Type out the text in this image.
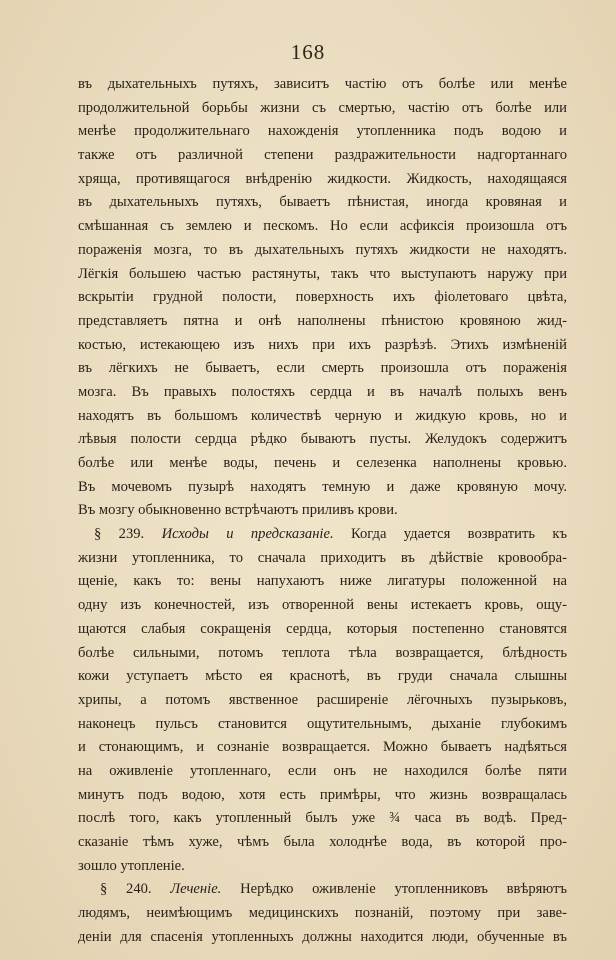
168
въ дыхательныхъ путяхъ, зависитъ частію отъ болѣе или менѣе
продолжительной борьбы жизни съ смертью, частію отъ болѣе или
менѣе продолжительнаго нахожденія утопленника подъ водою и
также отъ различной степени раздражительности надгортаннаго
хряща, противящагося внѣдренію жидкости. Жидкость, находящаяся
въ дыхательныхъ путяхъ, бываетъ пѣнистая, иногда кровяная и
смѣшанная съ землею и пескомъ. Но если асфиксія произошла отъ
пораженія мозга, то въ дыхательныхъ путяхъ жидкости не находятъ.
Лёгкія большею частью растянуты, такъ что выступаютъ наружу при
вскрытіи грудной полости, поверхность ихъ фіолетоваго цвѣта,
представляетъ пятна и онѣ наполнены пѣнистою кровяною жид-
костью, истекающею изъ нихъ при ихъ разрѣзѣ. Этихъ измѣненій
въ лёгкихъ не бываетъ, если смерть произошла отъ пораженія
мозга. Въ правыхъ полостяхъ сердца и въ началѣ полыхъ венъ
находятъ въ большомъ количествѣ черную и жидкую кровь, но и
лѣвыя полости сердца рѣдко бываютъ пусты. Желудокъ содержитъ
болѣе или менѣе воды, печень и селезенка наполнены кровью.
Въ мочевомъ пузырѣ находятъ темную и даже кровяную мочу.
Въ мозгу обыкновенно встрѣчаютъ приливъ крови.
§ 239. Исходы и предсказаніе. Когда удается возвратить къ
жизни утопленника, то сначала приходитъ въ дѣйствіе кровообра-
щеніе, какъ то: вены напухаютъ ниже лигатуры положенной на
одну изъ конечностей, изъ отворенной вены истекаетъ кровь, ощу-
щаются слабыя сокращенія сердца, которыя постепенно становятся
болѣе сильными, потомъ теплота тѣла возвращается, блѣдность
кожи уступаетъ мѣсто ея краснотѣ, въ груди сначала слышны
хрипы, а потомъ явственное расширеніе лёгочныхъ пузырьковъ,
наконецъ пульсъ становится ощутительнымъ, дыханіе глубокимъ
и стонающимъ, и сознаніе возвращается. Можно бываетъ надѣяться
на оживленіе утопленнаго, если онъ не находился болѣе пяти
минутъ подъ водою, хотя есть примѣры, что жизнь возвращалась
послѣ того, какъ утопленный былъ уже ¾ часа въ водѣ. Пред-
сказаніе тѣмъ хуже, чѣмъ была холоднѣе вода, въ которой про-
зошло утопленіе.
§ 240. Леченіе. Нерѣдко оживленіе утопленниковъ ввѣряютъ
людямъ, неимѣющимъ медицинскихъ познаній, поэтому при заве-
деніи для спасенія утопленныхъ должны находится люди, обученные въ
